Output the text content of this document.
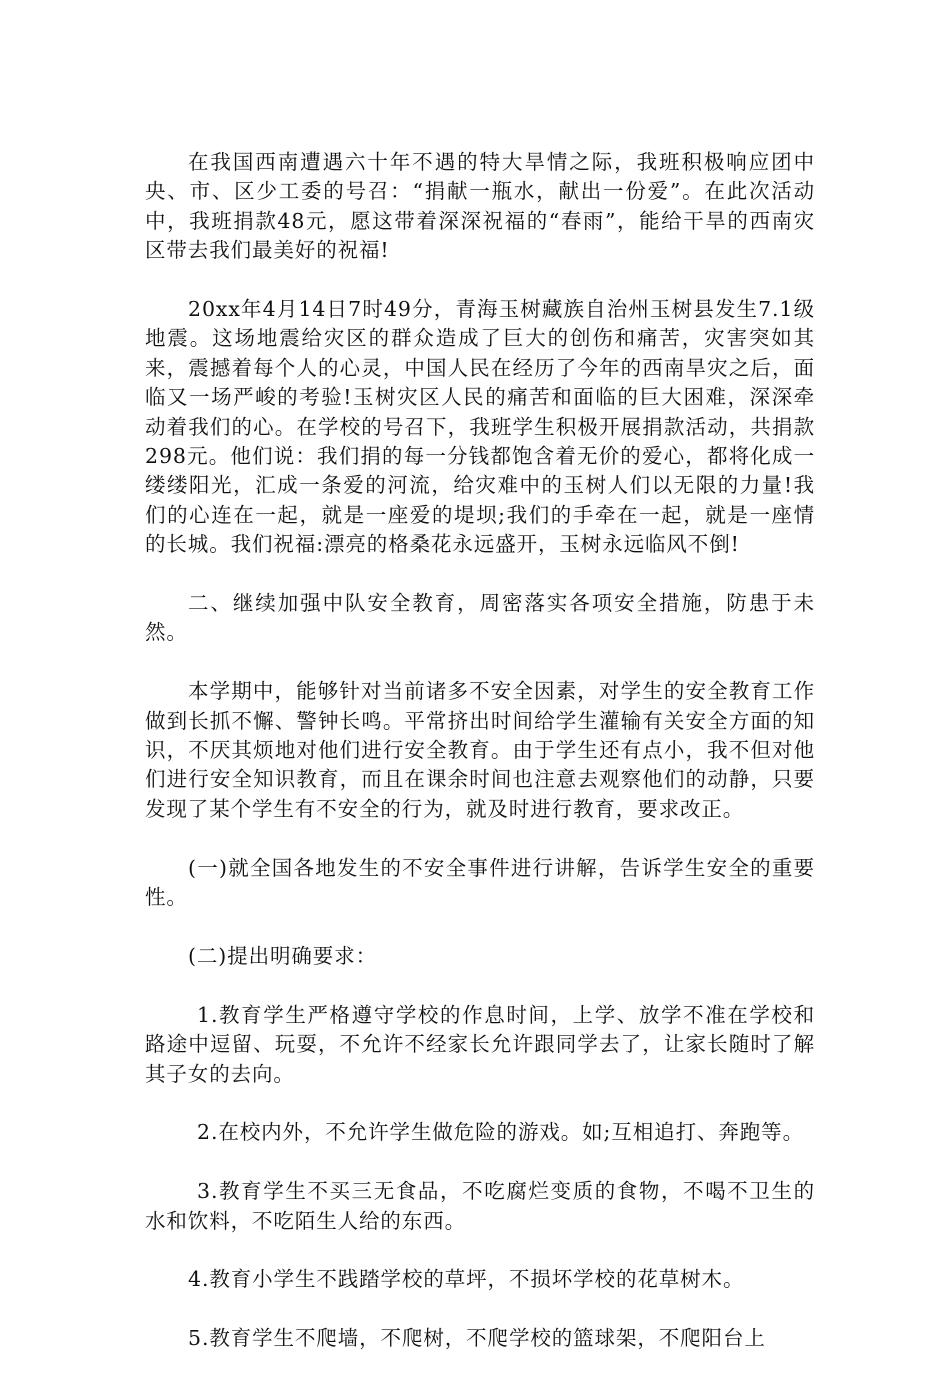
在我国西南遭遇六十年不遇的特大旱情之际，我班积极响应团中央、市、区少工委的号召：“捐献一瓶水，献出一份爱”。在此次活动中，我班捐款48元，愿这带着深深祝福的“春雨”，能给干旱的西南灾区带去我们最美好的祝福!

20xx年4月14日7时49分，青海玉树藏族自治州玉树县发生7.1级地震。这场地震给灾区的群众造成了巨大的创伤和痛苦，灾害突如其来，震撼着每个人的心灵，中国人民在经历了今年的西南旱灾之后，面临又一场严峻的考验!玉树灾区人民的痛苦和面临的巨大困难，深深牵动着我们的心。在学校的号召下，我班学生积极开展捐款活动，共捐款298元。他们说：我们捐的每一分钱都饱含着无价的爱心，都将化成一缕缕阳光，汇成一条爱的河流，给灾难中的玉树人们以无限的力量!我们的心连在一起，就是一座爱的堤坝;我们的手牵在一起，就是一座情的长城。我们祝福:漂亮的格桑花永远盛开，玉树永远临风不倒!

二、继续加强中队安全教育，周密落实各项安全措施，防患于未然。

本学期中，能够针对当前诸多不安全因素，对学生的安全教育工作做到长抓不懈、警钟长鸣。平常挤出时间给学生灌输有关安全方面的知识，不厌其烦地对他们进行安全教育。由于学生还有点小，我不但对他们进行安全知识教育，而且在课余时间也注意去观察他们的动静，只要发现了某个学生有不安全的行为，就及时进行教育，要求改正。

(一)就全国各地发生的不安全事件进行讲解，告诉学生安全的重要性。

(二)提出明确要求：

1.教育学生严格遵守学校的作息时间，上学、放学不准在学校和路途中逗留、玩耍，不允许不经家长允许跟同学去了，让家长随时了解其子女的去向。

2.在校内外，不允许学生做危险的游戏。如;互相追打、奔跑等。

3.教育学生不买三无食品，不吃腐烂变质的食物，不喝不卫生的水和饮料，不吃陌生人给的东西。

4.教育小学生不践踏学校的草坪，不损坏学校的花草树木。

5.教育学生不爬墙，不爬树，不爬学校的篮球架，不爬阳台上
